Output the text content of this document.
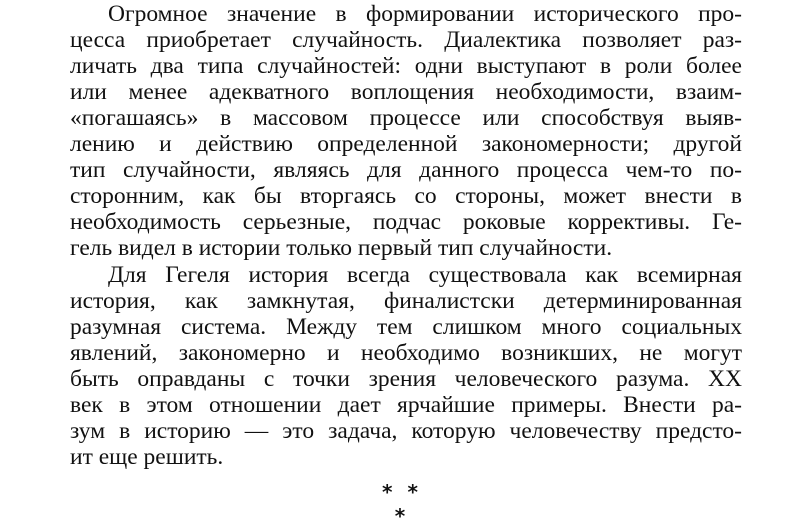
Огромное значение в формировании исторического про-
цесса приобретает случайность. Диалектика позволяет раз-
личать два типа случайностей: одни выступают в роли более
или менее адекватного воплощения необходимости, взаим-
«погашаясь» в массовом процессе или способствуя выяв-
лению и действию определенной закономерности; другой
тип случайности, являясь для данного процесса чем-то по-
сторонним, как бы вторгаясь со стороны, может внести в
необходимость серьезные, подчас роковые коррективы. Ге-
гель видел в истории только первый тип случайности.
Для Гегеля история всегда существовала как всемирная
история, как замкнутая, финалистски детерминированная
разумная система. Между тем слишком много социальных
явлений, закономерно и необходимо возникших, не могут
быть оправданы с точки зрения человеческого разума. XX
век в этом отношении дает ярчайшие примеры. Внести ра-
зум в историю — это задача, которую человечеству предсто-
ит еще решить.
* * *
